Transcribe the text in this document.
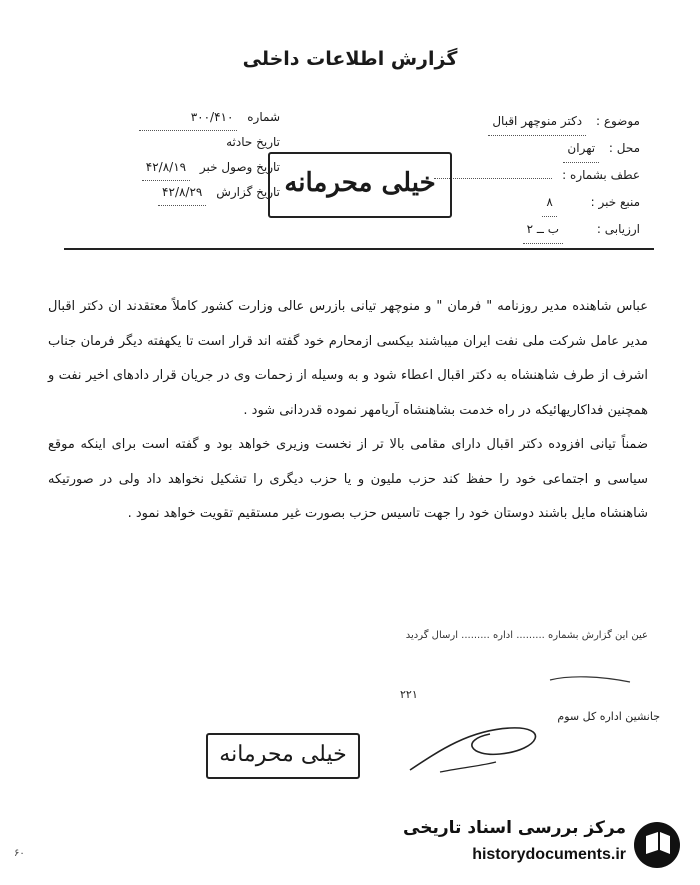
گزارش اطلاعات داخلی
موضوع : دکتر منوچهر اقبال
محل : تهران
عطف بشماره :
منبع خبر : ۸
ارزیابی : ب ــ ۲
شماره ۳۰۰/۴۱۰
تاریخ حادثه
تاریخ وصول خبر ۴۲/۸/۱۹
تاریخ گزارش ۴۲/۸/۲۹	خیلی محرمانه

عباس شاهنده مدیر روزنامه " فرمان " و منوچهر تیانی بازرس عالی وزارت کشور کاملاً معتقدند ان دکتر اقبال مدیر عامل شرکت ملی نفت ایران میباشند بیکسی ازمحارم خود گفته اند قرار است تا یکهفته دیگر فرمان جناب اشرف از طرف شاهنشاه به دکتر اقبال اعطاء شود و به وسیله از زحمات وی در جریان قرار دادهای اخیر نفت و همچنین فداکاریهائیکه در راه خدمت بشاهنشاه آریامهر نموده قدردانی شود .

ضمناً تیانی افزوده دکتر اقبال دارای مقامی بالا تر از نخست وزیری خواهد بود و گفته است برای اینکه موقع سیاسی و اجتماعی خود را حفظ کند حزب ملیون و یا حزب دیگری را تشکیل نخواهد داد ولی در صورتیکه شاهنشاه مایل باشند دوستان خود را جهت تاسیس حزب بصورت غیر مستقیم تقویت خواهد نمود .

عین این گزارش بشماره ......... اداره ......... ارسال گردید
۲۲۱
جانشین اداره کل سوم
خیلی محرمانه
۶۰
مرکز بررسی اسناد تاریخی
historydocuments.ir
